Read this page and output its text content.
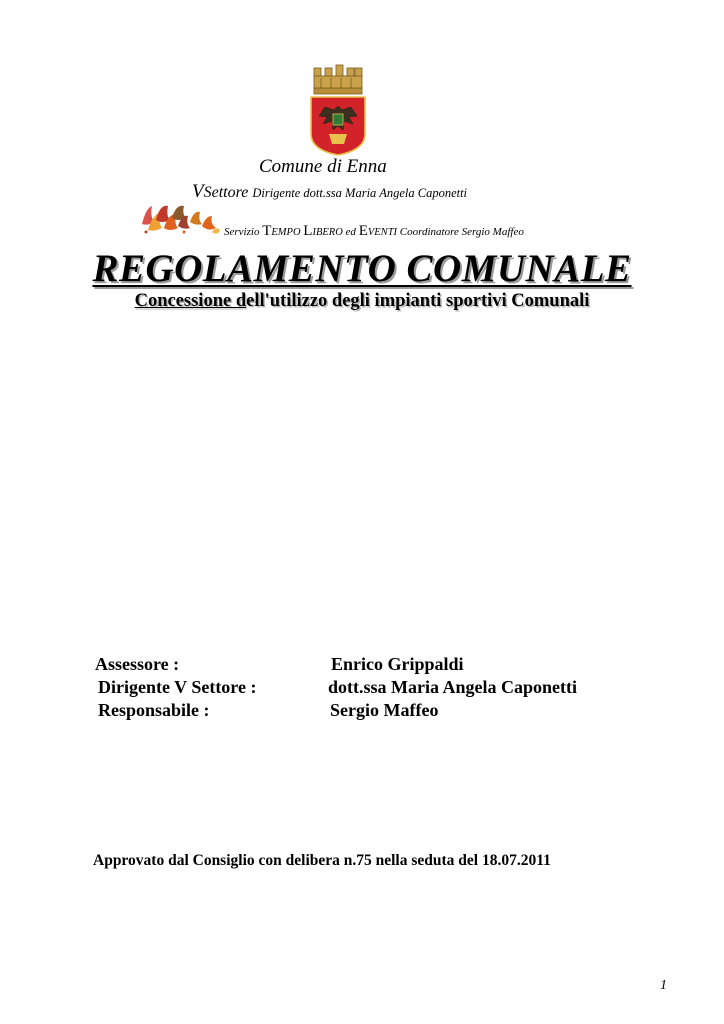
Comune di Enna
VSettore Dirigente dott.ssa Maria Angela Caponetti
Servizio TEMPO LIBERO ed EVENTI Coordinatore Sergio Maffeo
REGOLAMENTO COMUNALE
Concessione dell'utilizzo degli impianti sportivi Comunali
Assessore :	Enrico Grippaldi
Dirigente V Settore :	dott.ssa Maria Angela Caponetti
Responsabile :	Sergio Maffeo
Approvato dal Consiglio con delibera n.75 nella seduta del 18.07.2011
1
